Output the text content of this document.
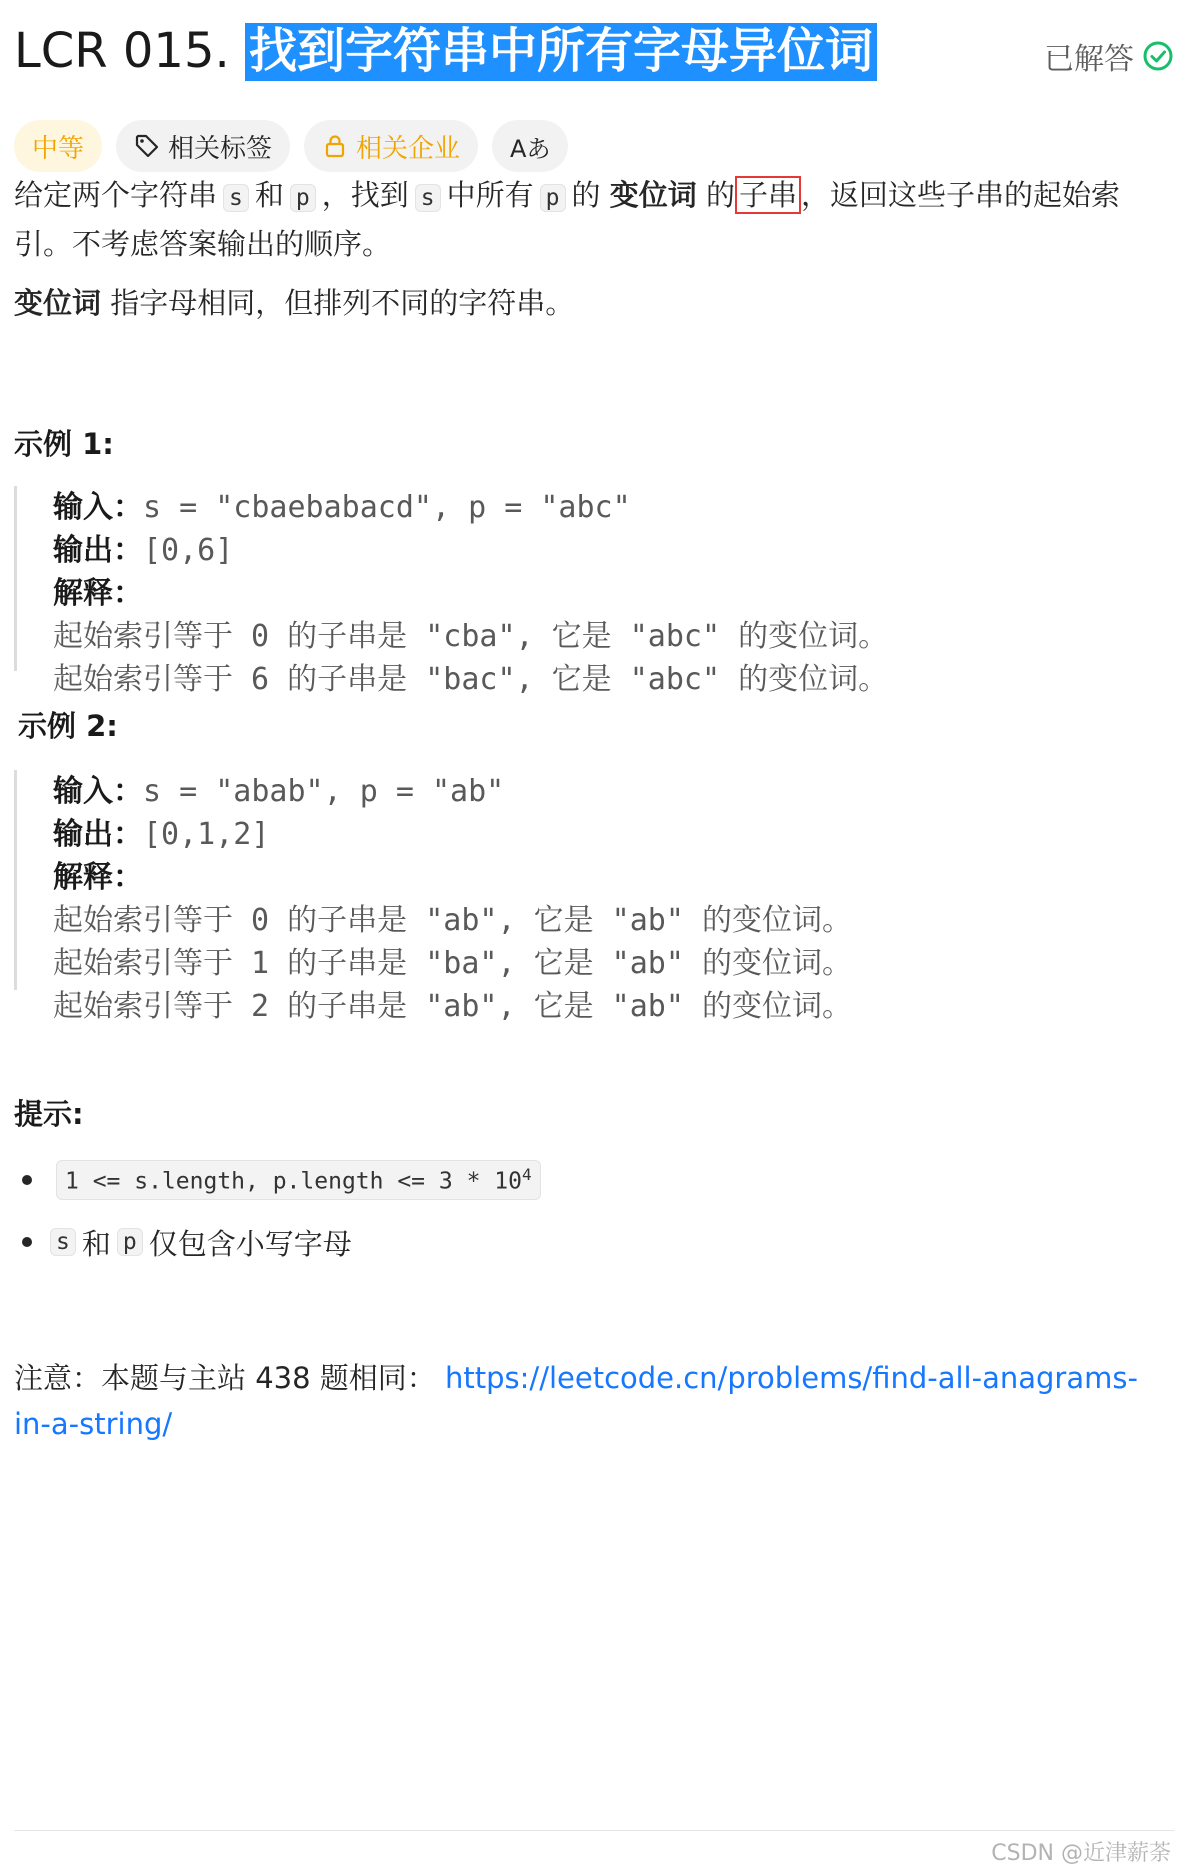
LCR 015. 找到字符串中所有字母异位词	已解答
中等	相关标签	相关企业 Aあ
给定两个字符串 s 和 p ，找到 s 中所有 p 的 变位词 的 子串 ，返回这些子串的起始索引。不考虑答案输出的顺序。
变位词 指字母相同，但排列不同的字符串。
示例 1:
输入：s = "cbaebabacd", p = "abc"
输出：[0,6]
解释：
起始索引等于 0 的子串是 "cba", 它是 "abc" 的变位词。
起始索引等于 6 的子串是 "bac", 它是 "abc" 的变位词。
示例 2:
输入：s = "abab", p = "ab"
输出：[0,1,2]
解释：
起始索引等于 0 的子串是 "ab", 它是 "ab" 的变位词。
起始索引等于 1 的子串是 "ba", 它是 "ab" 的变位词。
起始索引等于 2 的子串是 "ab", 它是 "ab" 的变位词。
提示:
1 <= s.length, p.length <= $3 * 10^4$
s 和 p 仅包含小写字母
注意：本题与主站 438 题相同： https://leetcode.cn/problems/find-all-anagrams-in-a-string/
CSDN @近津薪荼
